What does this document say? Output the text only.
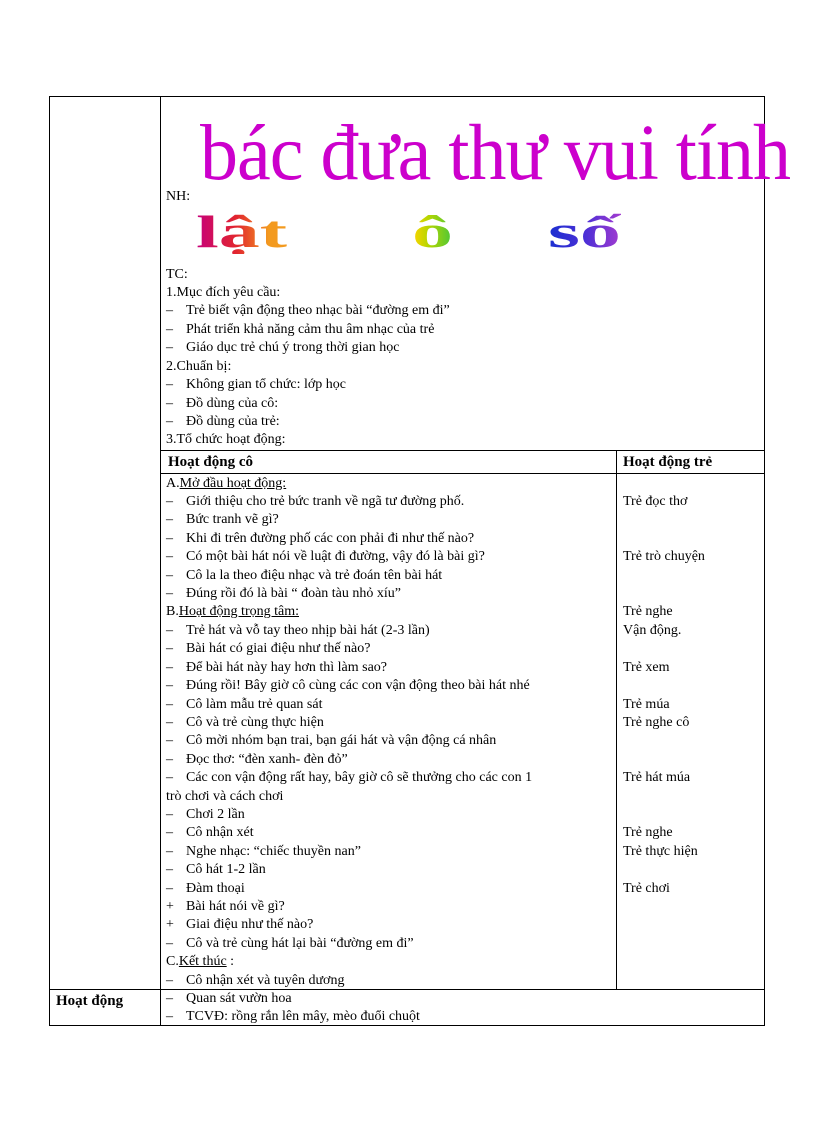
NH: bác đưa thư vui tính
TC:
lật ô số
1.Mục đích yêu cầu:
– Trẻ biết vận động theo nhạc bài “đường em đi”
– Phát triển khả năng cảm thu âm nhạc của trẻ
– Giáo dục trẻ chú ý trong thời gian học
2.Chuẩn bị:
– Không gian tổ chức: lớp học
– Đồ dùng của cô:
– Đồ dùng của trẻ:
3.Tổ chức hoạt động:
Hoạt động cô	Hoạt động trẻ
A.Mở đầu hoạt động:
– Giới thiệu cho trẻ bức tranh về ngã tư đường phố.
– Bức tranh vẽ gì?
– Khi đi trên đường phố các con phải đi như thế nào?
– Có một bài hát nói về luật đi đường, vậy đó là bài gì?
– Cô la la theo điệu nhạc và trẻ đoán tên bài hát
– Đúng rồi đó là bài “ đoàn tàu nhỏ xíu”
B.Hoạt động trọng tâm:
– Trẻ hát và vỗ tay theo nhịp bài hát (2-3 lần)
– Bài hát có giai điệu như thế nào?
– Để bài hát này hay hơn thì làm sao?
– Đúng rồi! Bây giờ cô cùng các con vận động theo bài hát nhé
– Cô làm mẫu trẻ quan sát
– Cô và trẻ cùng thực hiện
– Cô mời nhóm bạn trai, bạn gái hát và vận động cá nhân
– Đọc thơ: “đèn xanh- đèn đỏ”
– Các con vận động rất hay, bây giờ cô sẽ thưởng cho các con 1
trò chơi và cách chơi
– Chơi 2 lần
– Cô nhận xét
– Nghe nhạc: “chiếc thuyền nan”
– Cô hát 1-2 lần
– Đàm thoại
+ Bài hát nói về gì?
+ Giai điệu như thế nào?
– Cô và trẻ cùng hát lại bài “đường em đi”
C.Kết thúc :
– Cô nhận xét và tuyên dương
Trẻ đọc thơ
Trẻ trò chuyện
Trẻ nghe
Vận động.
Trẻ xem
Trẻ múa
Trẻ nghe cô
Trẻ hát múa
Trẻ nghe
Trẻ thực hiện
Trẻ chơi
Hoạt động	– Quan sát vườn hoa
– TCVĐ: rồng rắn lên mây, mèo đuổi chuột
